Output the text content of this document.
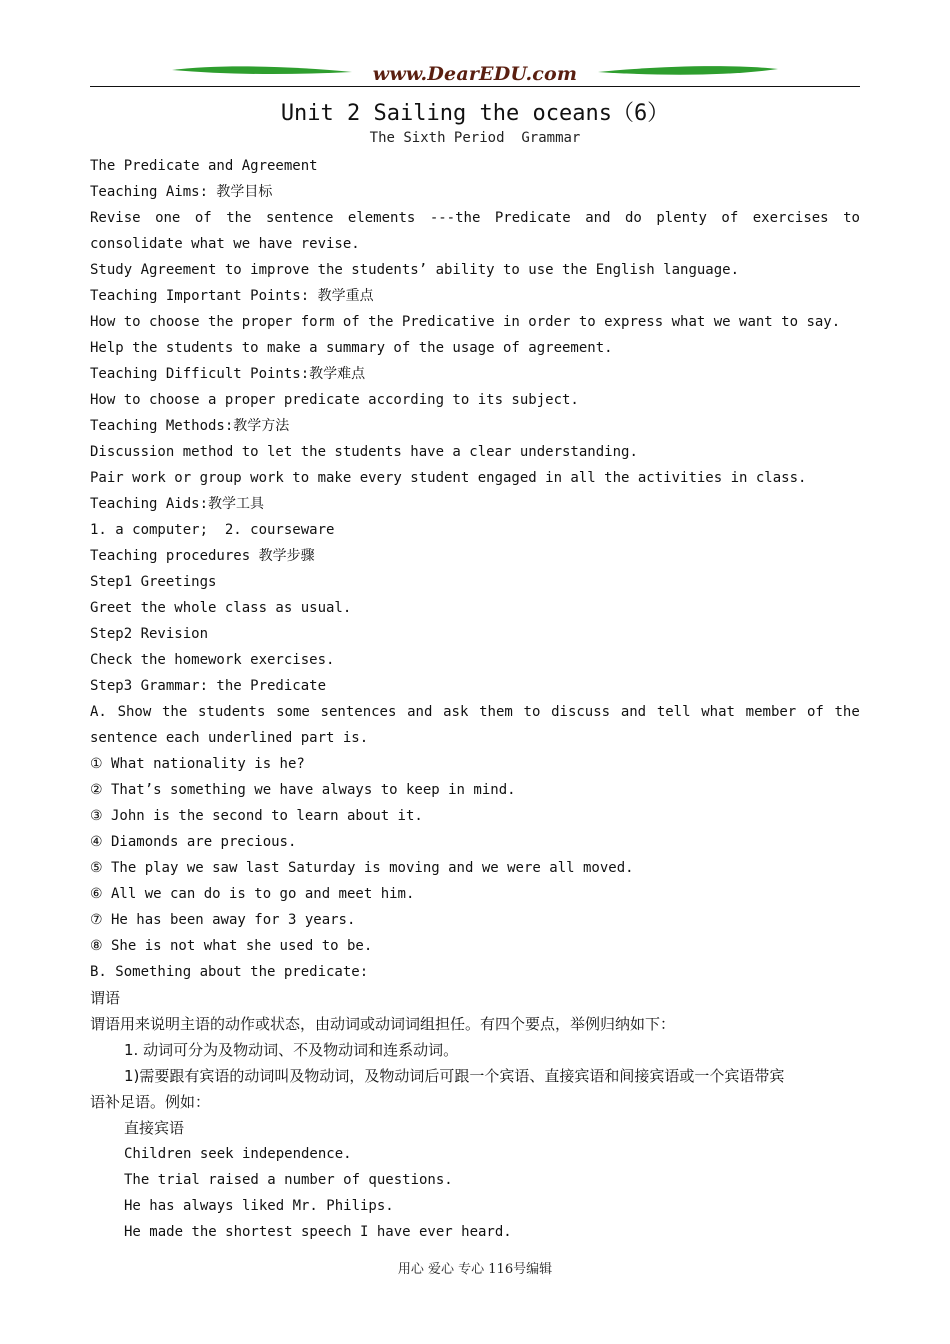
www.DearEDU.com
Unit 2 Sailing the oceans（6）
The Sixth Period  Grammar
The Predicate and Agreement
Teaching Aims: 教学目标
Revise one of the sentence elements ---the Predicate and do plenty of exercises to
consolidate what we have revise.
Study Agreement to improve the students’ ability to use the English language.
Teaching Important Points: 教学重点
How to choose the proper form of the Predicative in order to express what we want to say.
Help the students to make a summary of the usage of agreement.
Teaching Difficult Points:教学难点
How to choose a proper predicate according to its subject.
Teaching Methods:教学方法
Discussion method to let the students have a clear understanding.
Pair work or group work to make every student engaged in all the activities in class.
Teaching Aids:教学工具
1. a computer;  2. courseware
Teaching procedures 教学步骤
Step1 Greetings
Greet the whole class as usual.
Step2 Revision
Check the homework exercises.
Step3 Grammar: the Predicate
A. Show the students some sentences and ask them to discuss and tell what member of the
sentence each underlined part is.
① What nationality is he?
② That’s something we have always to keep in mind.
③ John is the second to learn about it.
④ Diamonds are precious.
⑤ The play we saw last Saturday is moving and we were all moved.
⑥ All we can do is to go and meet him.
⑦ He has been away for 3 years.
⑧ She is not what she used to be.
B. Something about the predicate:
谓语
谓语用来说明主语的动作或状态，由动词或动词词组担任。有四个要点，举例归纳如下：
1. 动词可分为及物动词、不及物动词和连系动词。
1)需要跟有宾语的动词叫及物动词，及物动词后可跟一个宾语、直接宾语和间接宾语或一个宾语带宾
语补足语。例如：
直接宾语
Children seek independence.
The trial raised a number of questions.
He has always liked Mr. Philips.
He made the shortest speech I have ever heard.
用心 爱心 专心 116号编辑
